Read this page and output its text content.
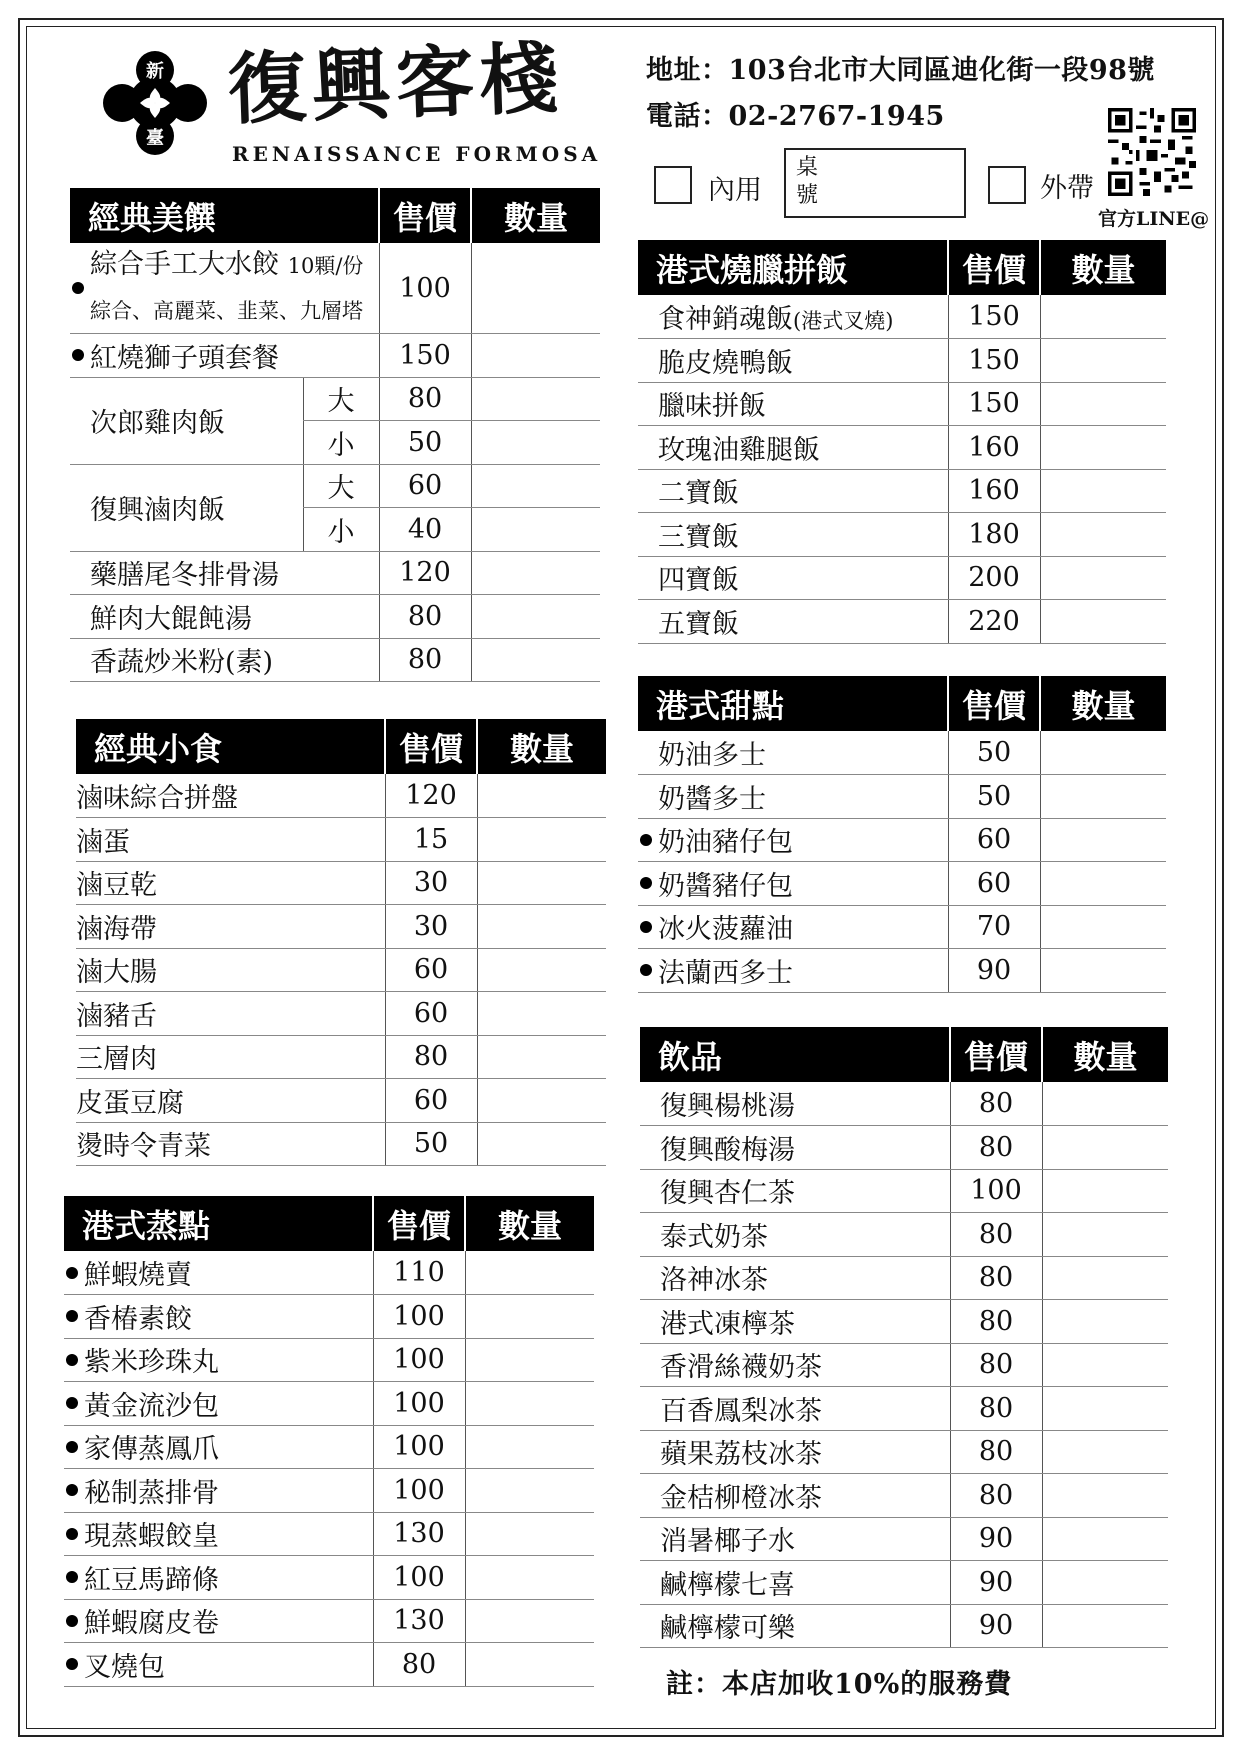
新
臺
復興客棧
RENAISSANCE FORMOSA
地址：103台北市大同區迪化街一段98號
電話：02-2767-1945
內用
桌
號	外帶
官方LINE@
經典美饌		售價	數量
綜合手工大水餃 10顆/份
綜合、高麗菜、韭菜、九層塔		100	
紅燒獅子頭套餐		150	
次郎雞肉飯	大	80	
	小	50	
復興滷肉飯	大	60	
	小	40	
藥膳尾冬排骨湯		120	
鮮肉大餛飩湯		80	
香蔬炒米粉(素)		80	
經典小食	售價	數量
滷味綜合拼盤	120	
滷蛋	15	
滷豆乾	30	
滷海帶	30	
滷大腸	60	
滷豬舌	60	
三層肉	80	
皮蛋豆腐	60	
燙時令青菜	50	
港式蒸點	售價	數量
鮮蝦燒賣	110	
香椿素餃	100	
紫米珍珠丸	100	
黃金流沙包	100	
家傳蒸鳳爪	100	
秘制蒸排骨	100	
現蒸蝦餃皇	130	
紅豆馬蹄條	100	
鮮蝦腐皮卷	130	
叉燒包	80	
港式燒臘拼飯	售價	數量
食神銷魂飯(港式叉燒)	150	
脆皮燒鴨飯	150	
臘味拼飯	150	
玫瑰油雞腿飯	160	
二寶飯	160	
三寶飯	180	
四寶飯	200	
五寶飯	220	
港式甜點	售價	數量
奶油多士	50	
奶醬多士	50	
奶油豬仔包	60	
奶醬豬仔包	60	
冰火菠蘿油	70	
法蘭西多士	90	
飲品	售價	數量
復興楊桃湯	80	
復興酸梅湯	80	
復興杏仁茶	100	
泰式奶茶	80	
洛神冰茶	80	
港式凍檸茶	80	
香滑絲襪奶茶	80	
百香鳳梨冰茶	80	
蘋果荔枝冰茶	80	
金桔柳橙冰茶	80	
消暑椰子水	90	
鹹檸檬七喜	90	
鹹檸檬可樂	90	
註：本店加收10%的服務費
